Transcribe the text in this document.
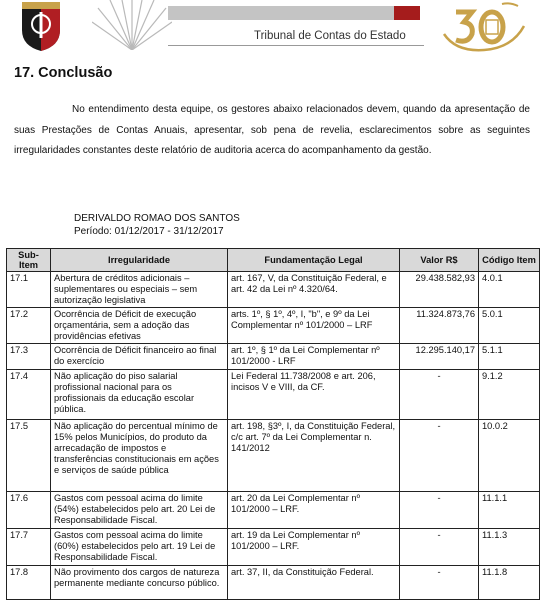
Tribunal de Contas do Estado
17. Conclusão

No entendimento desta equipe, os gestores abaixo relacionados devem, quando da apresentação de suas Prestações de Contas Anuais, apresentar, sob pena de revelia, esclarecimentos sobre as seguintes irregularidades constantes deste relatório de auditoria acerca do acompanhamento da gestão.

DERIVALDO ROMAO DOS SANTOS
Período: 01/12/2017 - 31/12/2017
Sub-Item	Irregularidade	Fundamentação Legal	Valor R$	Código Item
17.1	Abertura de créditos adicionais – suplementares ou especiais – sem autorização legislativa	art. 167, V, da Constituição Federal, e art. 42 da Lei nº 4.320/64.	29.438.582,93	4.0.1
17.2	Ocorrência de Déficit de execução orçamentária, sem a adoção das providências efetivas	arts. 1º, § 1º, 4º, I, "b", e 9º da Lei Complementar nº 101/2000 – LRF	11.324.873,76	5.0.1
17.3	Ocorrência de Déficit financeiro ao final do exercício	art. 1º, § 1º da Lei Complementar nº 101/2000 - LRF	12.295.140,17	5.1.1
17.4	Não aplicação do piso salarial profissional nacional para os profissionais da educação escolar pública.	Lei Federal 11.738/2008 e art. 206, incisos V e VIII, da CF.	-	9.1.2
17.5	Não aplicação do percentual mínimo de 15% pelos Municípios, do produto da arrecadação de impostos e transferências constitucionais em ações e serviços de saúde pública	art. 198, §3º, I, da Constituição Federal, c/c art. 7º da Lei Complementar n. 141/2012	-	10.0.2
17.6	Gastos com pessoal acima do limite (54%) estabelecidos pelo art. 20 Lei de Responsabilidade Fiscal.	art. 20 da Lei Complementar nº 101/2000 – LRF.	-	11.1.1
17.7	Gastos com pessoal acima do limite (60%) estabelecidos pelo art. 19 Lei de Responsabilidade Fiscal.	art. 19 da Lei Complementar nº 101/2000 – LRF.	-	11.1.3
17.8	Não provimento dos cargos de natureza permanente mediante concurso público.	art. 37, II, da Constituição Federal.	-	11.1.8
